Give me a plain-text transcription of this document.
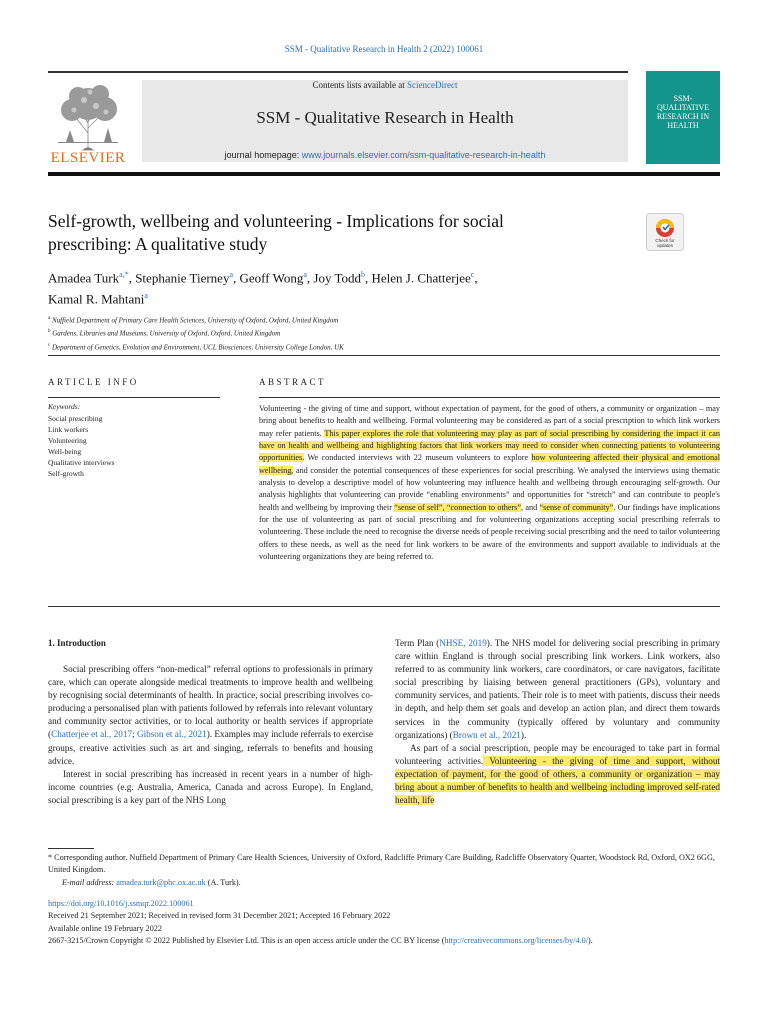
SSM - Qualitative Research in Health 2 (2022) 100061
ELSEVIER
Contents lists available at ScienceDirect
SSM - Qualitative Research in Health
journal homepage: www.journals.elsevier.com/ssm-qualitative-research-in-health
SSM-QUALITATIVE RESEARCH IN HEALTH
Self-growth, wellbeing and volunteering - Implications for social
prescribing: A qualitative study	Check for
updates
Amadea Turk$^{a,*}$, Stephanie Tierney$^a$, Geoff Wong$^a$, Joy Todd$^b$, Helen J. Chatterjee$^c$,
Kamal R. Mahtani$^a$
$^a$ Nuffield Department of Primary Care Health Sciences, University of Oxford, Oxford, United Kingdom
$^b$ Gardens, Libraries and Museums, University of Oxford, Oxford, United Kingdom
$^c$ Department of Genetics, Evolution and Environment, UCL Biosciences, University College London, UK
ARTICLE INFO
Keywords:
Social prescribing
Link workers
Volunteering
Well-being
Qualitative interviews
Self-growth
ABSTRACT
Volunteering - the giving of time and support, without expectation of payment, for the good of others, a community or organization – may bring about benefits to health and wellbeing. Formal volunteering may be considered as part of a social prescription to which link workers may refer patients. This paper explores the role that volunteering may play as part of social prescribing by considering the impact it can have on health and wellbeing and highlighting factors that link workers may need to consider when connecting patients to volunteering opportunities. We conducted interviews with 22 museum volunteers to explore how volunteering affected their physical and emotional wellbeing, and consider the potential consequences of these experiences for social prescribing. We analysed the interviews using thematic analysis to develop a descriptive model of how volunteering may influence health and wellbeing through encouraging self-growth. Our analysis highlights that volunteering can provide “enabling environments” and opportunities for “stretch” and can contribute to people's health and wellbeing by improving their “sense of self”, “connection to others”, and “sense of community”. Our findings have implications for the use of volunteering as part of social prescribing and for volunteering organizations accepting social prescribing referrals to volunteering. These include the need to recognise the diverse needs of people receiving social prescribing and the need to tailor volunteering offers to these needs, as well as the need for link workers to be aware of the environments and support available to individuals at the volunteering organizations they are being referred to.
1. Introduction

Social prescribing offers “non-medical” referral options to professionals in primary care, which can operate alongside medical treatments to improve health and wellbeing by recognising social determinants of health. In practice, social prescribing involves co-producing a personalised plan with patients followed by referrals into relevant voluntary and community sector activities, or to local authority or health services if appropriate (Chatterjee et al., 2017; Gibson et al., 2021). Examples may include referrals to exercise groups, creative activities such as art and singing, referrals to benefits and housing advice.

Interest in social prescribing has increased in recent years in a number of high-income countries (e.g. Australia, America, Canada and across Europe). In England, social prescribing is a key part of the NHS Long

Term Plan (NHSE, 2019). The NHS model for delivering social prescribing in primary care within England is through social prescribing link workers. Link workers, also referred to as community link workers, care coordinators, or care navigators, facilitate social prescribing by liaising between general practitioners (GPs), voluntary and community services, and patients. Their role is to meet with patients, discuss their needs in depth, and help them set goals and develop an action plan, and direct them towards services in the community (typically offered by voluntary and community organizations) (Brown et al., 2021).

As part of a social prescription, people may be encouraged to take part in formal volunteering activities. Volunteering - the giving of time and support, without expectation of payment, for the good of others, a community or organization – may bring about a number of benefits to health and wellbeing including improved self-rated health, life

* Corresponding author. Nuffield Department of Primary Care Health Sciences, University of Oxford, Radcliffe Primary Care Building, Radcliffe Observatory Quarter, Woodstock Rd, Oxford, OX2 6GG, United Kingdom.
E-mail address: amadea.turk@phc.ox.ac.uk (A. Turk).
https://doi.org/10.1016/j.ssmqr.2022.100061
Received 21 September 2021; Received in revised form 31 December 2021; Accepted 16 February 2022
Available online 19 February 2022
2667-3215/Crown Copyright © 2022 Published by Elsevier Ltd. This is an open access article under the CC BY license (http://creativecommons.org/licenses/by/4.0/).
